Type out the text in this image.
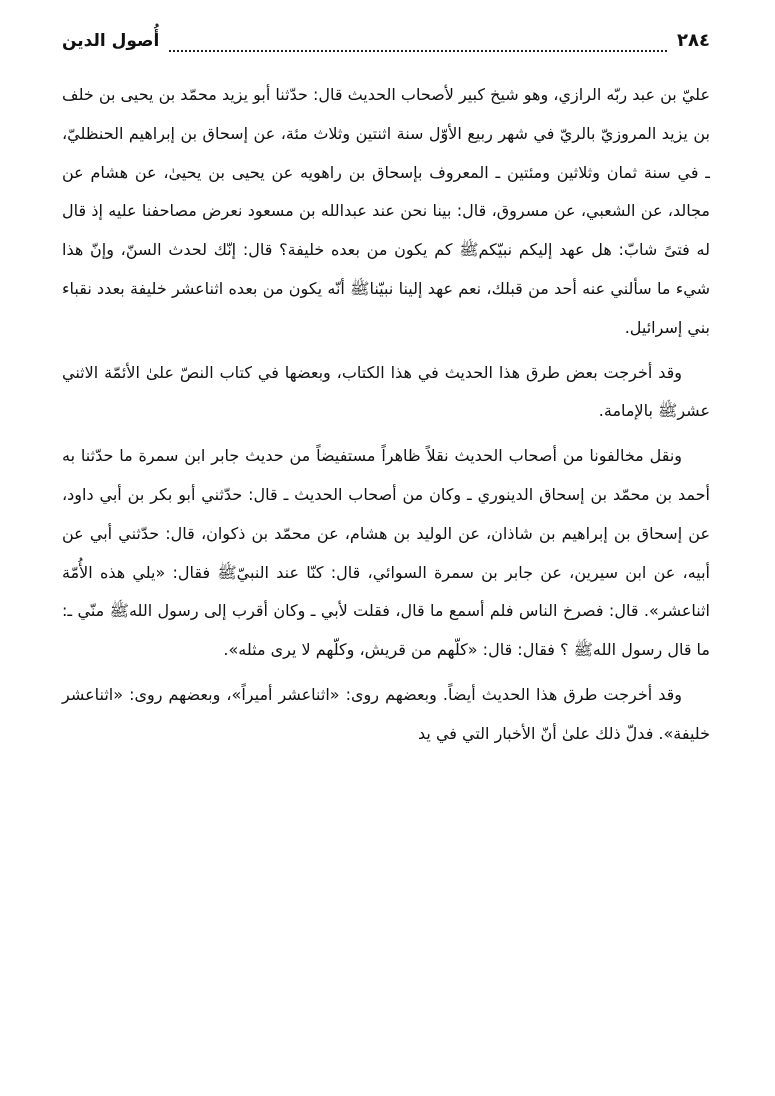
٢٨٤
أُصول الدين

عليّ بن عبد ربّه الرازي، وهو شيخ كبير لأصحاب الحديث قال: حدّثنا أبو يزيد محمّد بن يحيى بن خلف بن يزيد المروزيّ بالريّ في شهر ربيع الأوّل سنة اثنتين وثلاث مئة، عن إسحاق بن إبراهيم الحنظليّ، ـ في سنة ثمان وثلاثين ومئتين ـ المعروف بإسحاق بن راهويه عن يحيى بن يحيىٰ، عن هشام عن مجالد، عن الشعبي، عن مسروق، قال: بينا نحن عند عبدالله بن مسعود نعرض مصاحفنا عليه إذ قال له فتىً شابّ: هل عهد إليكم نبيّكمﷺ كم يكون من بعده خليفة؟ قال: إنّك لحدث السنّ، وإنّ هذا شيء ما سألني عنه أحد من قبلك، نعم عهد إلينا نبيّناﷺ أنّه يكون من بعده اثناعشر خليفة بعدد نقباء بني إسرائيل.

وقد أخرجت بعض طرق هذا الحديث في هذا الكتاب، وبعضها في كتاب النصّ علىٰ الأئمّة الاثني عشرﷺ بالإمامة.

ونقل مخالفونا من أصحاب الحديث نقلاً ظاهراً مستفيضاً من حديث جابر ابن سمرة ما حدّثنا به أحمد بن محمّد بن إسحاق الدينوري ـ وكان من أصحاب الحديث ـ قال: حدّثني أبو بكر بن أبي داود، عن إسحاق بن إبراهيم بن شاذان، عن الوليد بن هشام، عن محمّد بن ذكوان، قال: حدّثني أبي عن أبيه، عن ابن سيرين، عن جابر بن سمرة السوائي، قال: كنّا عند النبيّﷺ فقال: «يلي هذه الأُمّة اثناعشر». قال: فصرخ الناس فلم أسمع ما قال، فقلت لأبي ـ وكان أقرب إلى رسول اللهﷺ منّي ـ: ما قال رسول اللهﷺ ؟ فقال: قال: «كلّهم من قريش، وكلّهم لا يرى مثله».

وقد أخرجت طرق هذا الحديث أيضاً. وبعضهم روى: «اثناعشر أميراً»، وبعضهم روى: «اثناعشر خليفة». فدلّ ذلك علىٰ أنّ الأخبار التي في يد
